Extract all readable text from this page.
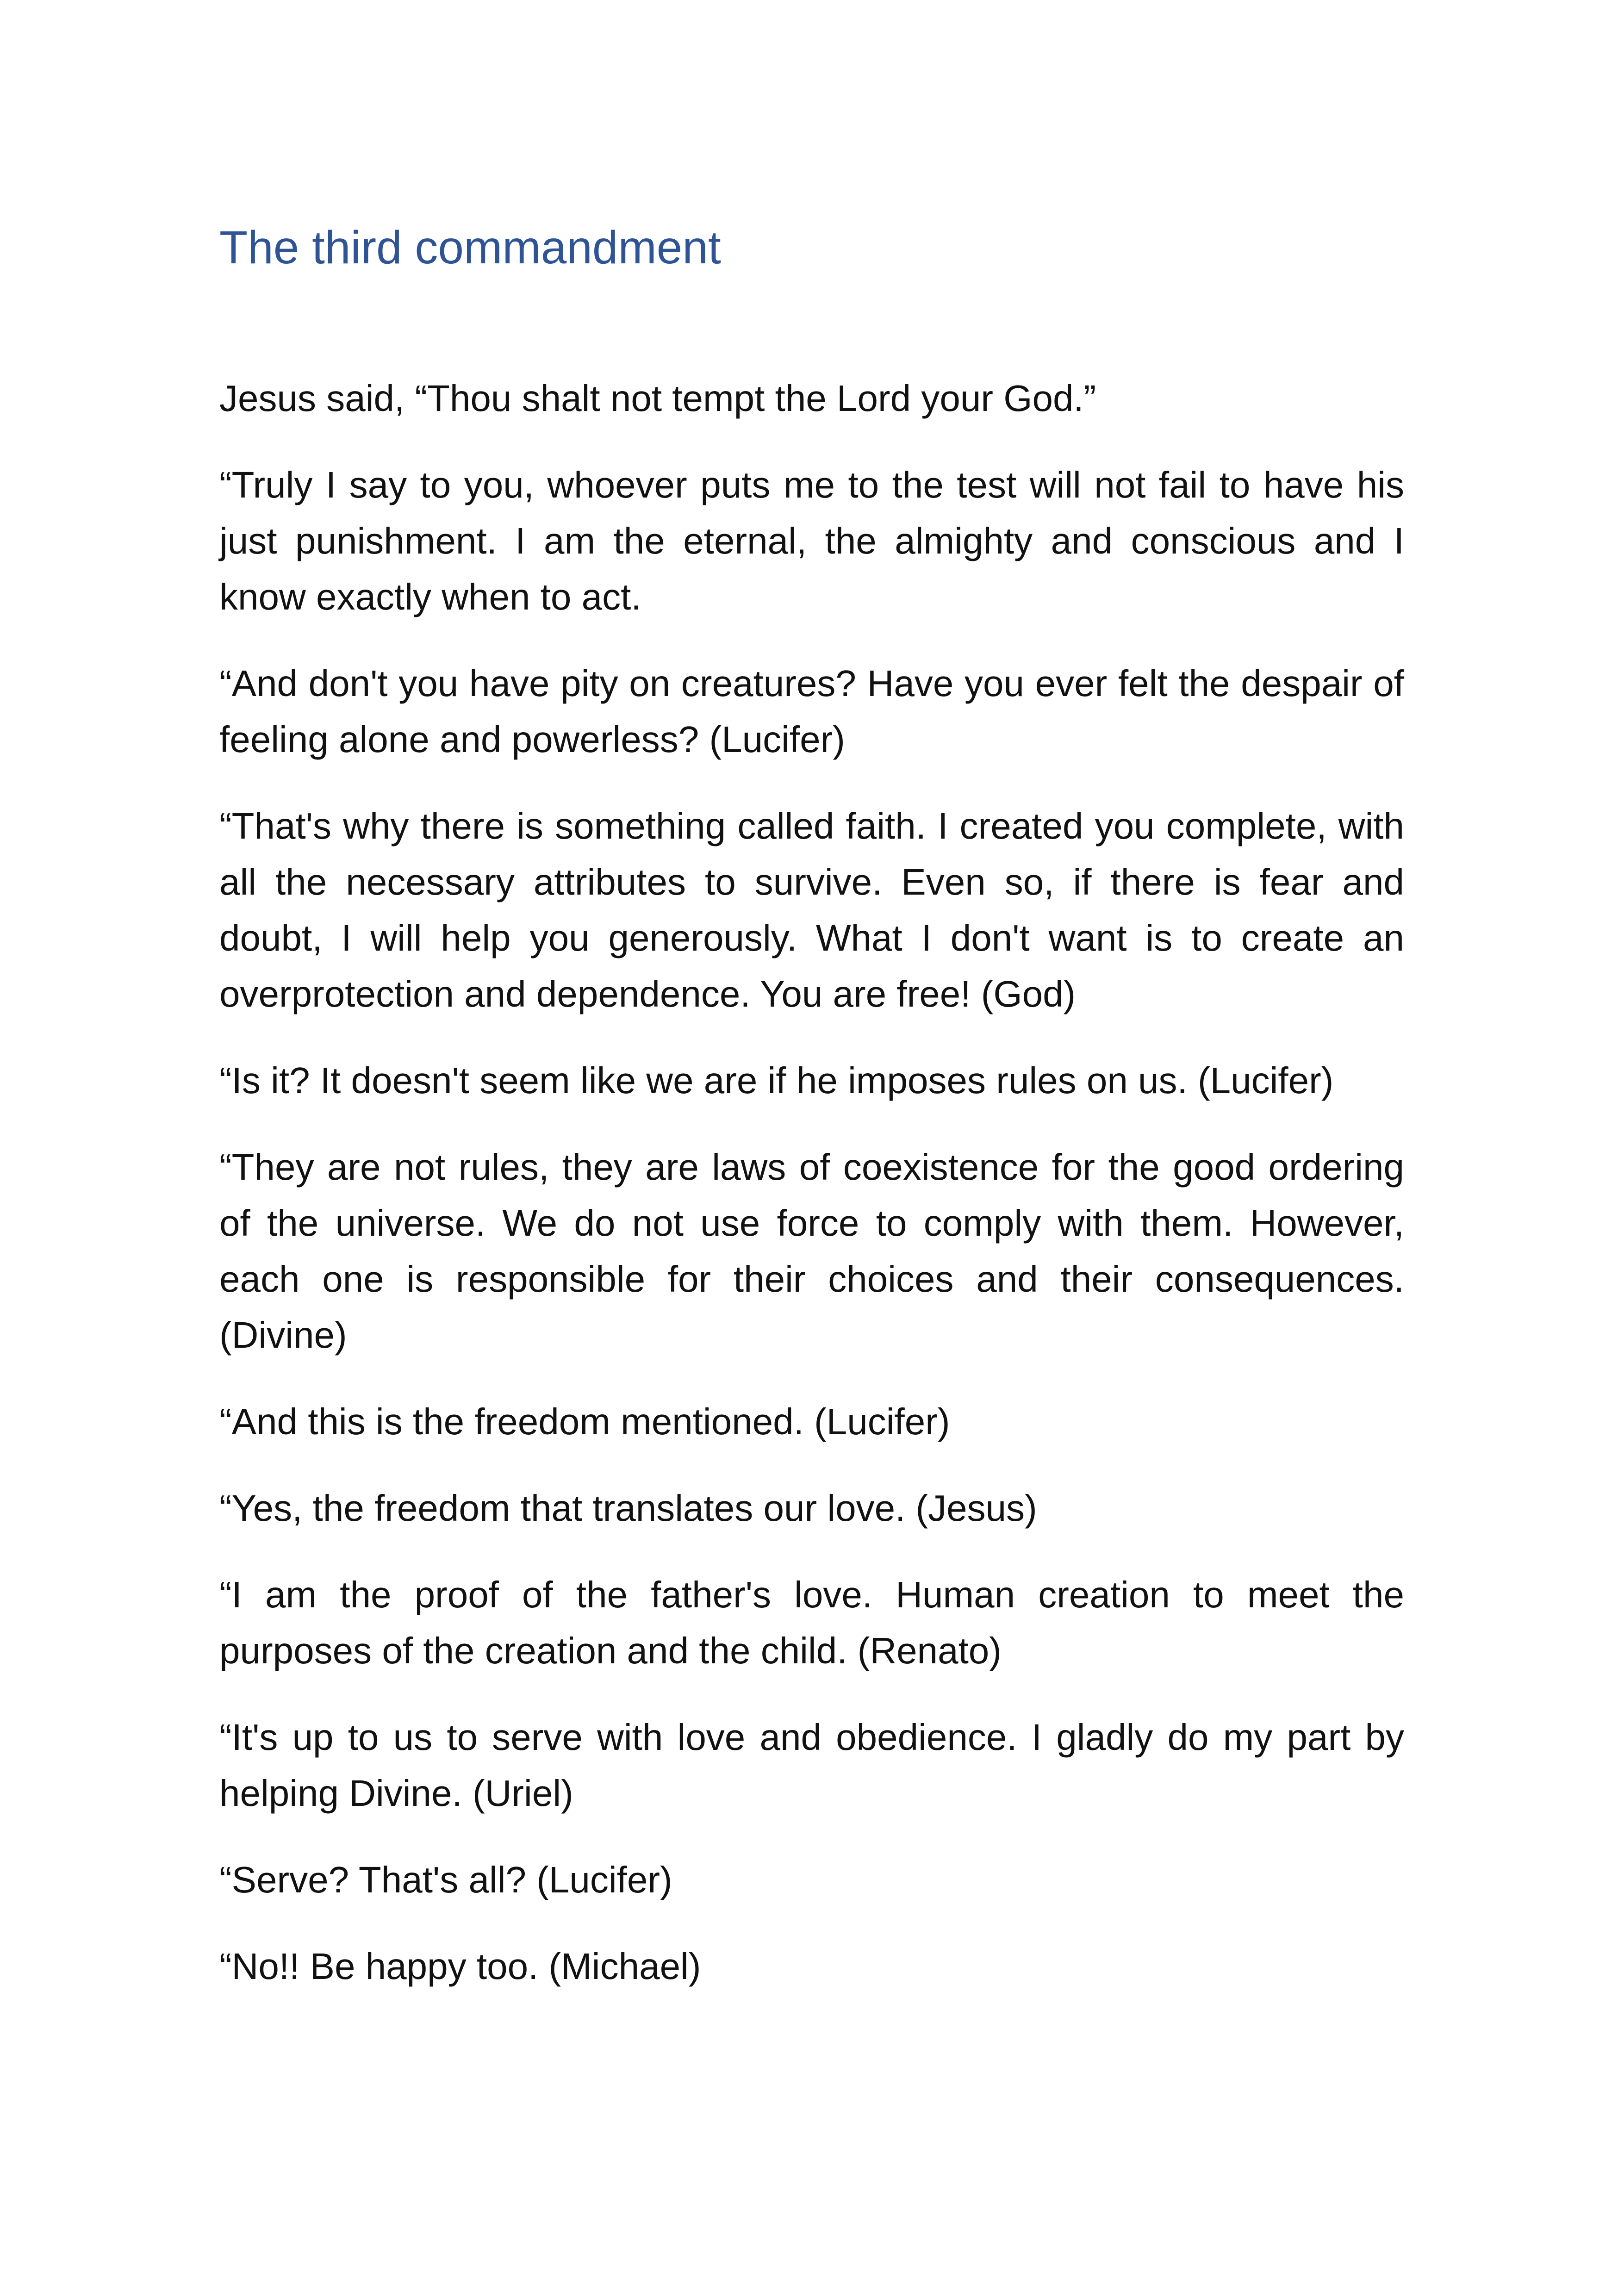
The third commandment

Jesus said, “Thou shalt not tempt the Lord your God.”

“Truly I say to you, whoever puts me to the test will not fail to have his just punishment. I am the eternal, the almighty and conscious and I know exactly when to act.

“And don't you have pity on creatures? Have you ever felt the despair of feeling alone and powerless? (Lucifer)

“That's why there is something called faith. I created you complete, with all the necessary attributes to survive. Even so, if there is fear and doubt, I will help you generously. What I don't want is to create an overprotection and dependence. You are free! (God)

“Is it? It doesn't seem like we are if he imposes rules on us. (Lucifer)

“They are not rules, they are laws of coexistence for the good ordering of the universe. We do not use force to comply with them. However, each one is responsible for their choices and their consequences. (Divine)

“And this is the freedom mentioned. (Lucifer)

“Yes, the freedom that translates our love. (Jesus)

“I am the proof of the father's love. Human creation to meet the purposes of the creation and the child. (Renato)

“It's up to us to serve with love and obedience. I gladly do my part by helping Divine. (Uriel)

“Serve? That's all? (Lucifer)

“No!! Be happy too. (Michael)
